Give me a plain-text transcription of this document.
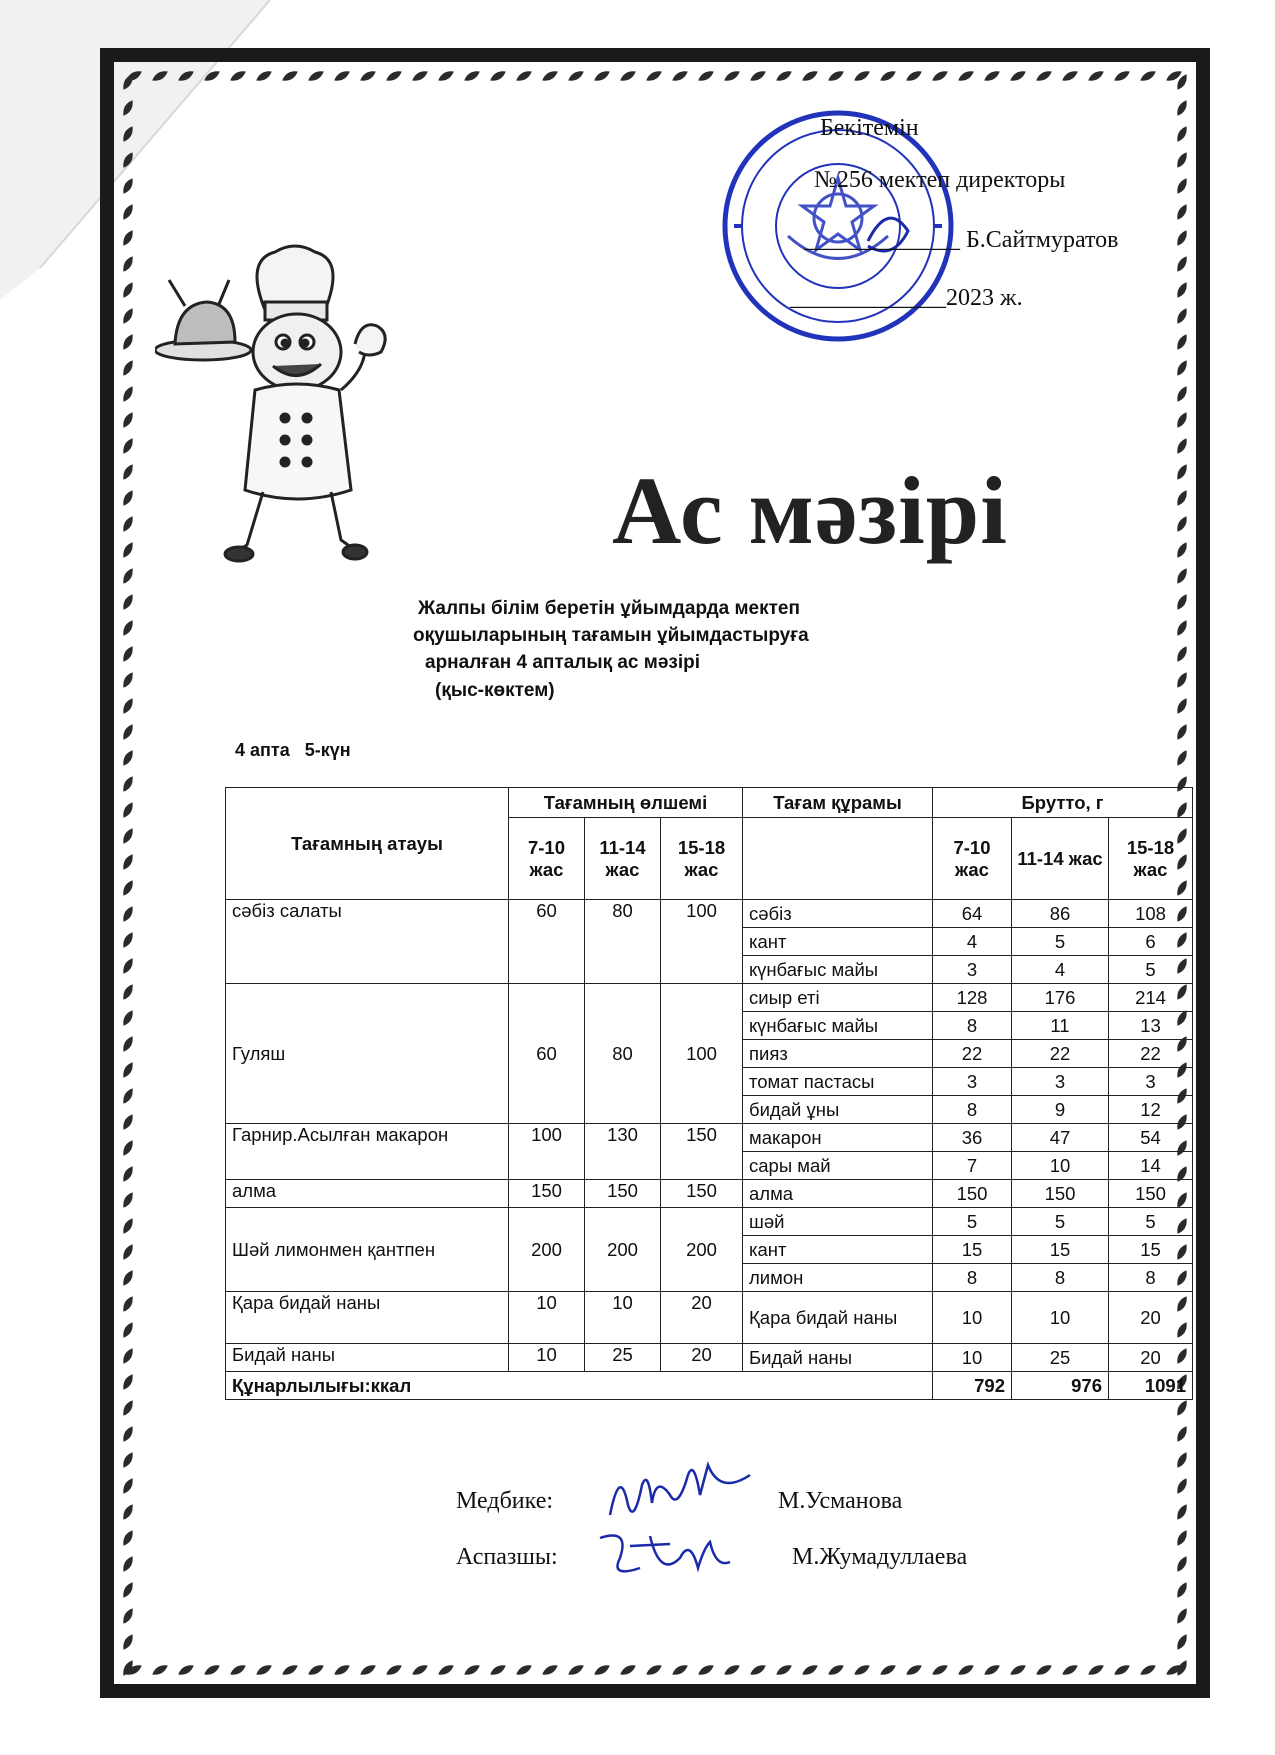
Бекітемін
№256 мектеп директоры
_____________ Б.Сайтмуратов
_____________2023 ж.
Ас мәзірі
Жалпы білім беретін ұйымдарда мектеп
оқушыларының тағамын ұйымдастыруға
арналған 4 апталық ас мәзірі
(қыс-көктем)
4 апта   5-күн
Тағамның атауы	Тағамның өлшемі			Тағам құрамы	Брутто, г		
	7-10 жас	11-14 жас	15-18 жас		7-10 жас	11-14 жас	15-18 жас
сәбіз салаты	60	80	100	сәбіз	64	86	108
				кант	4	5	6
				күнбағыс майы	3	4	5
Гуляш	60	80	100	сиыр еті	128	176	214
				күнбағыс майы	8	11	13
				пияз	22	22	22
				томат пастасы	3	3	3
				бидай ұны	8	9	12
Гарнир.Асылған макарон	100	130	150	макарон	36	47	54
				сары май	7	10	14
алма	150	150	150	алма	150	150	150
Шәй лимонмен қантпен	200	200	200	шәй	5	5	5
				кант	15	15	15
				лимон	8	8	8
Қара бидай наны	10	10	20	Қара бидай наны	10	10	20
Бидай наны	10	25	20	Бидай наны	10	25	20
Құнарлылығы:ккал					792	976	1091
Медбике:	М.Усманова
Аспазшы:	М.Жумадуллаева
